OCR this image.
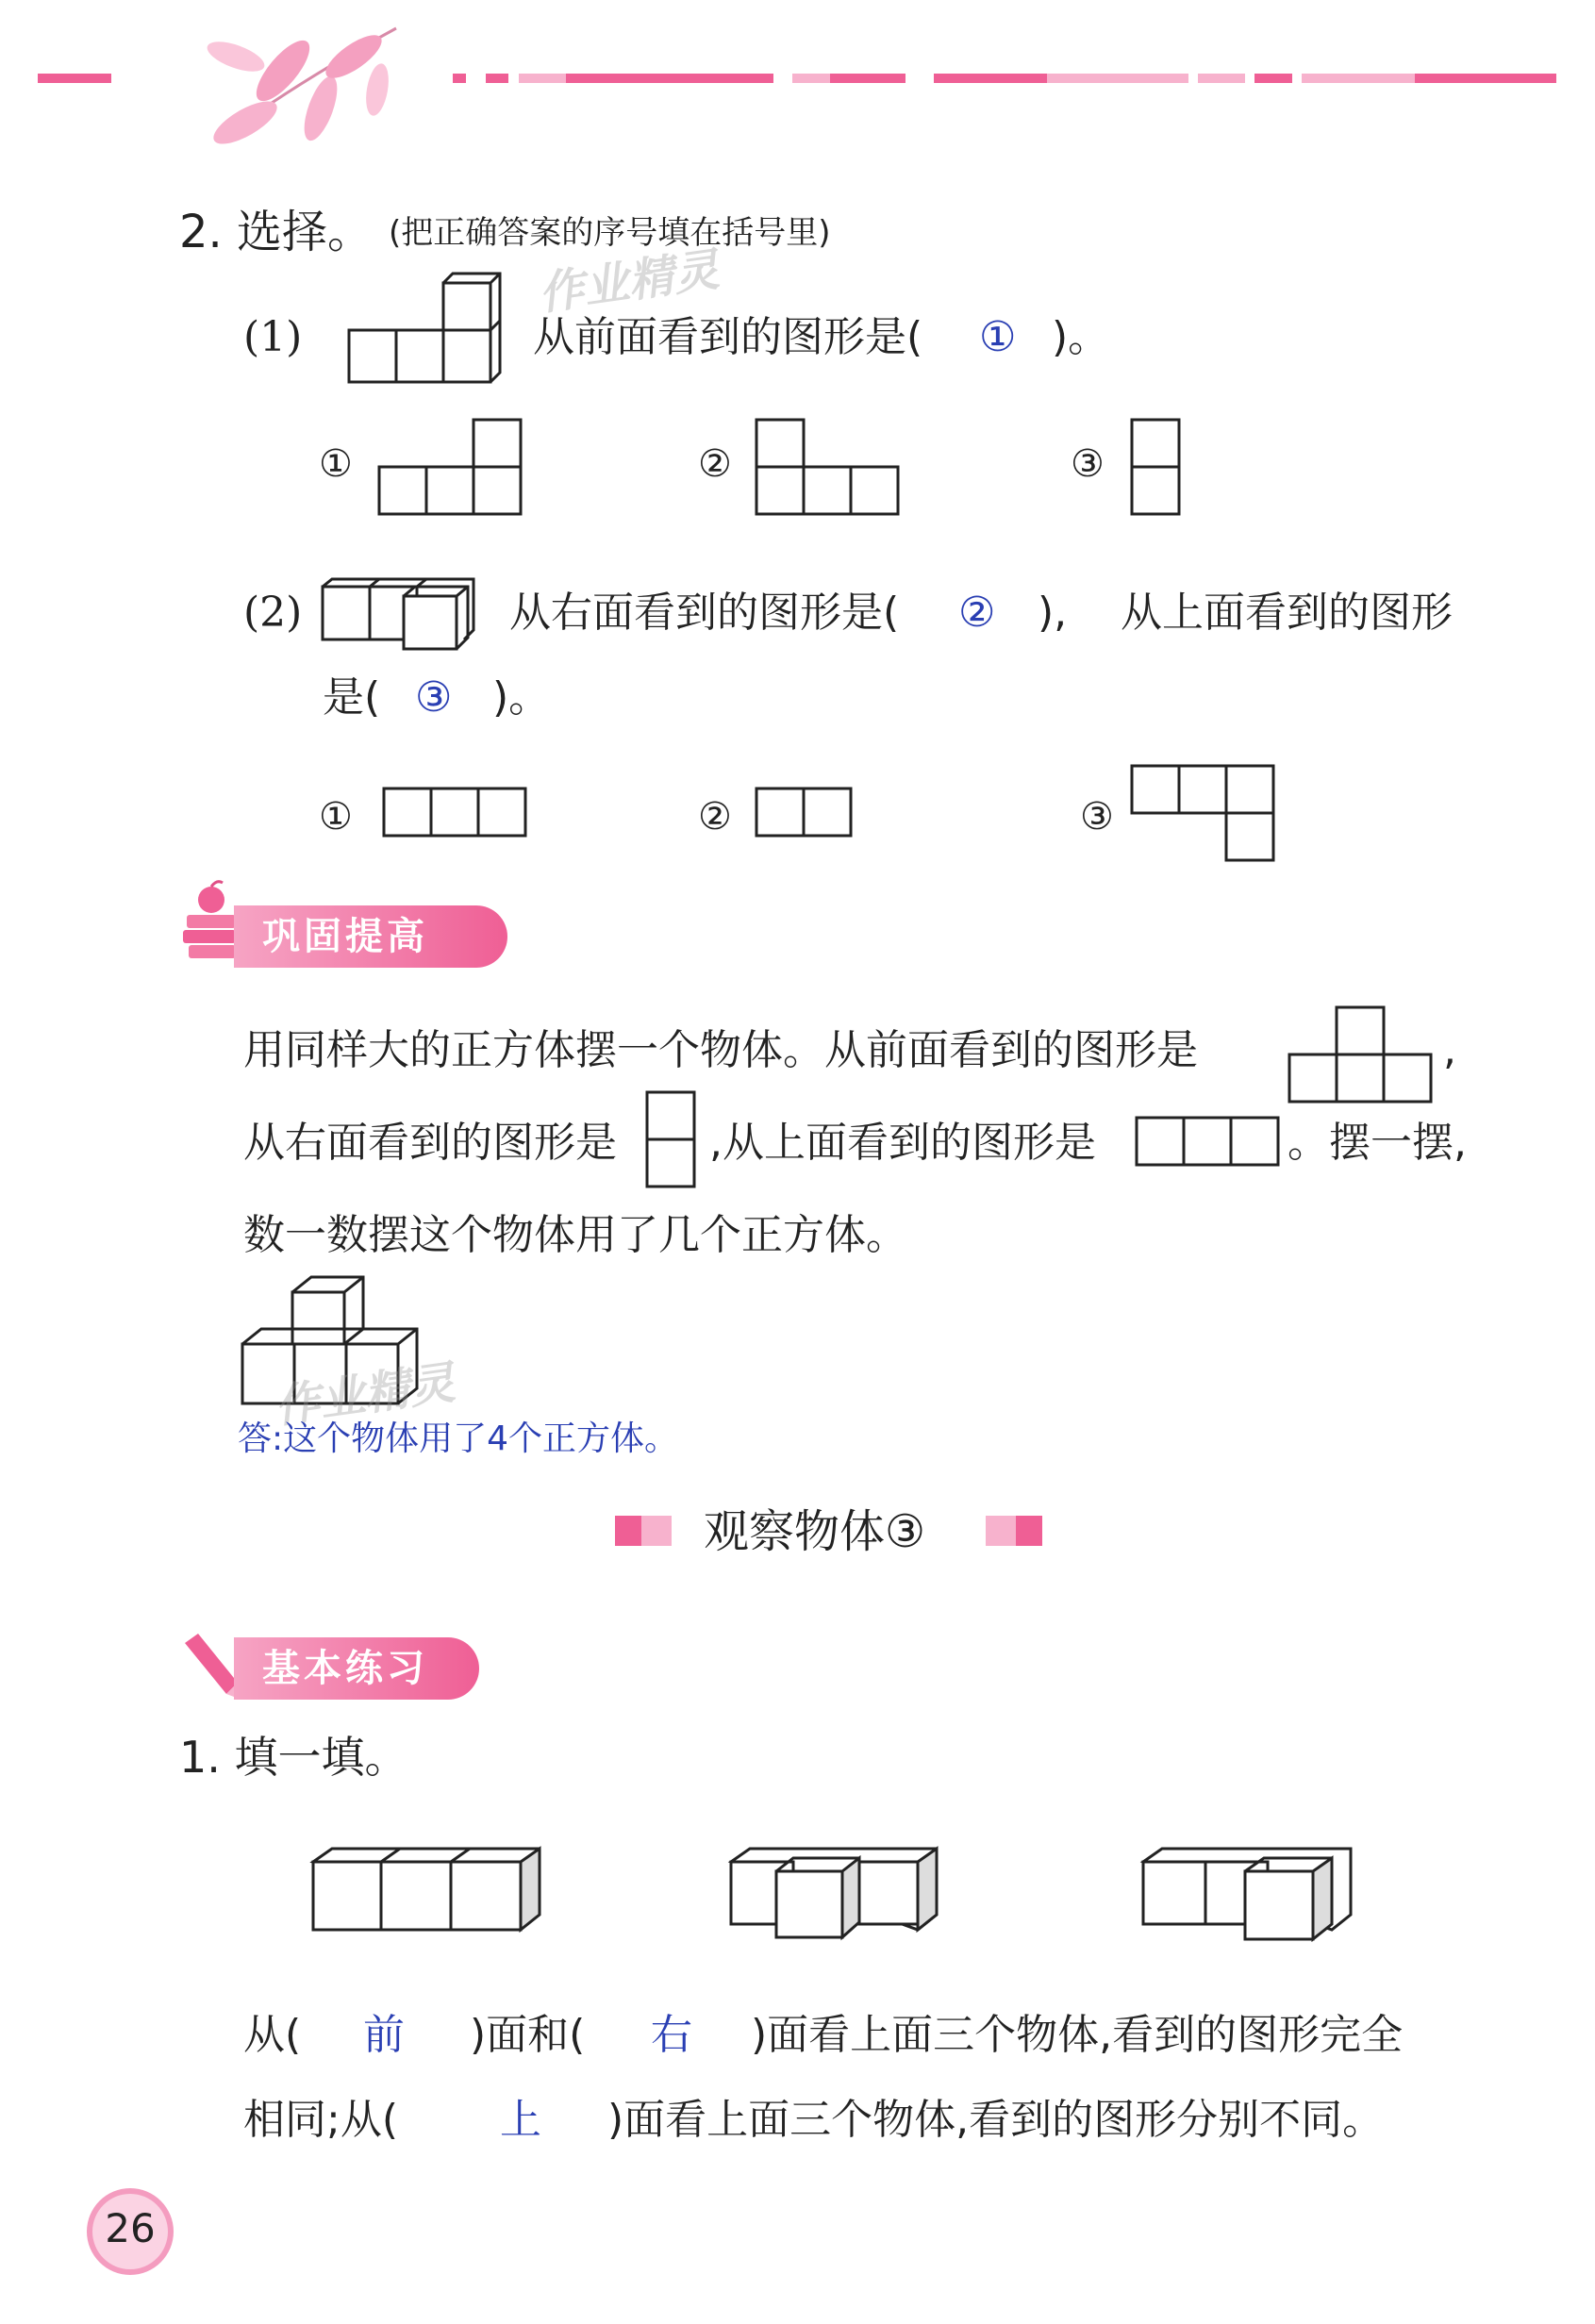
2. 选择。 (把正确答案的序号填在括号里)
作业精灵
(1)	从前面看到的图形是( ① )。
①	②	③
(2)	从右面看到的图形是( ② ), 从上面看到的图形
是( ③ )。
①	②	③
巩固提高
用同样大的正方体摆一个物体。从前面看到的图形是	,
从右面看到的图形是 ,从上面看到的图形是	。摆一摆,
数一数摆这个物体用了几个正方体。
作业精灵
答:这个物体用了4个正方体。
观察物体③
基本练习
1. 填一填。
从( 前 )面和( 右 )面看上面三个物体,看到的图形完全
相同;从( 上 )面看上面三个物体,看到的图形分别不同。
26
